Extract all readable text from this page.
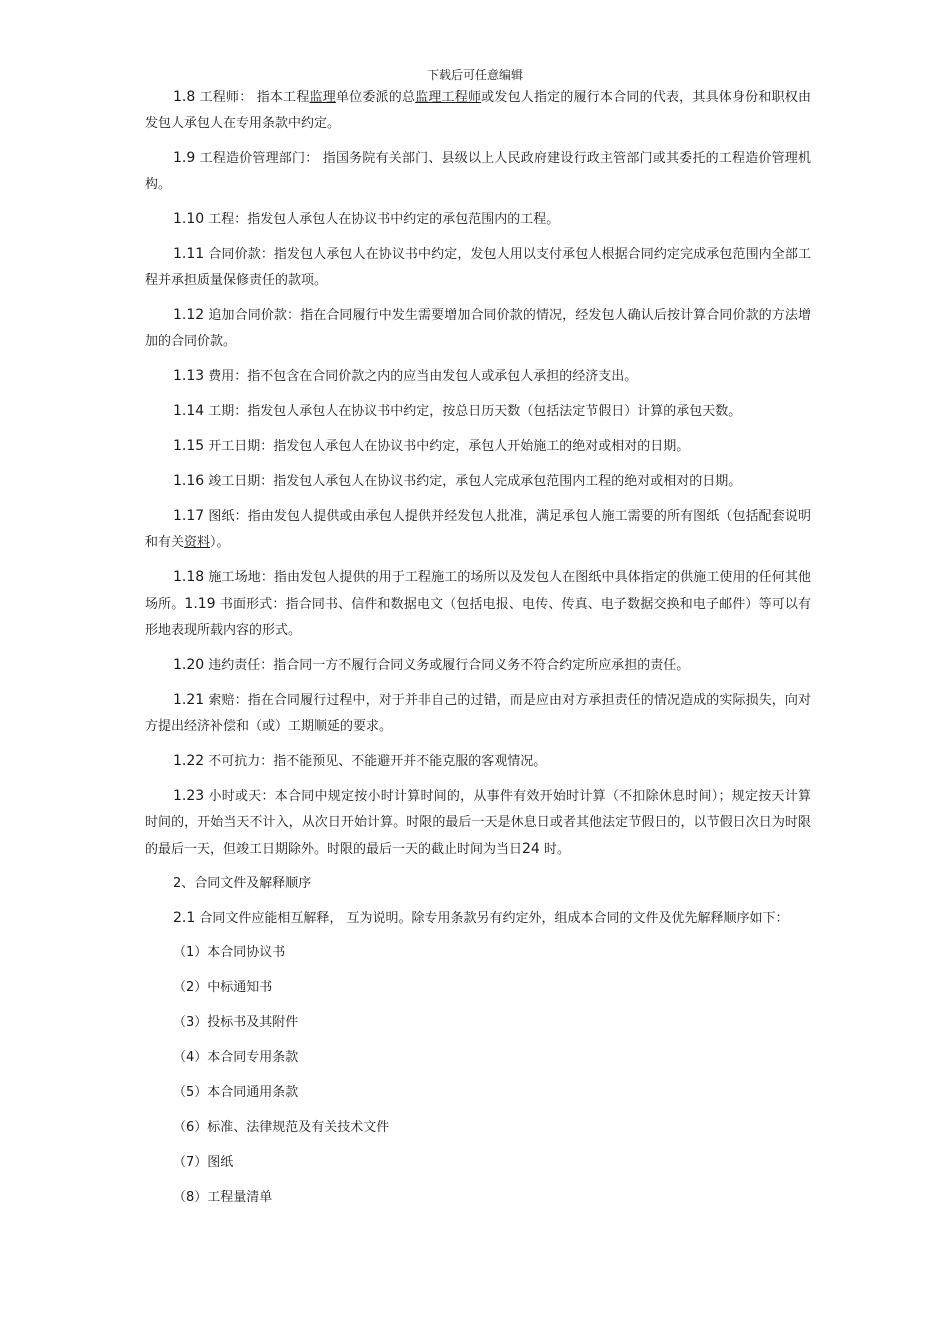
下载后可任意编辑

1.8 工程师： 指本工程监理单位委派的总监理工程师或发包人指定的履行本合同的代表，其具体身份和职权由发包人承包人在专用条款中约定。

1.9 工程造价管理部门： 指国务院有关部门、县级以上人民政府建设行政主管部门或其委托的工程造价管理机构。

1.10 工程：指发包人承包人在协议书中约定的承包范围内的工程。

1.11 合同价款：指发包人承包人在协议书中约定，发包人用以支付承包人根据合同约定完成承包范围内全部工程并承担质量保修责任的款项。

1.12 追加合同价款：指在合同履行中发生需要增加合同价款的情况，经发包人确认后按计算合同价款的方法增加的合同价款。

1.13 费用：指不包含在合同价款之内的应当由发包人或承包人承担的经济支出。

1.14 工期：指发包人承包人在协议书中约定，按总日历天数（包括法定节假日）计算的承包天数。

1.15 开工日期：指发包人承包人在协议书中约定，承包人开始施工的绝对或相对的日期。

1.16 竣工日期：指发包人承包人在协议书约定，承包人完成承包范围内工程的绝对或相对的日期。

1.17 图纸：指由发包人提供或由承包人提供并经发包人批准，满足承包人施工需要的所有图纸（包括配套说明和有关资料）。

1.18 施工场地：指由发包人提供的用于工程施工的场所以及发包人在图纸中具体指定的供施工使用的任何其他场所。1.19 书面形式：指合同书、信件和数据电文（包括电报、电传、传真、电子数据交换和电子邮件）等可以有形地表现所载内容的形式。

1.20 违约责任：指合同一方不履行合同义务或履行合同义务不符合约定所应承担的责任。

1.21 索赔：指在合同履行过程中，对于并非自己的过错，而是应由对方承担责任的情况造成的实际损失，向对方提出经济补偿和（或）工期顺延的要求。

1.22 不可抗力：指不能预见、不能避开并不能克服的客观情况。

1.23 小时或天：本合同中规定按小时计算时间的，从事件有效开始时计算（不扣除休息时间）；规定按天计算时间的，开始当天不计入，从次日开始计算。时限的最后一天是休息日或者其他法定节假日的，以节假日次日为时限的最后一天，但竣工日期除外。时限的最后一天的截止时间为当日24 时。

2、合同文件及解释顺序

2.1 合同文件应能相互解释， 互为说明。除专用条款另有约定外，组成本合同的文件及优先解释顺序如下：

（1）本合同协议书
（2）中标通知书
（3）投标书及其附件
（4）本合同专用条款
（5）本合同通用条款
（6）标准、法律规范及有关技术文件
（7）图纸
（8）工程量清单
